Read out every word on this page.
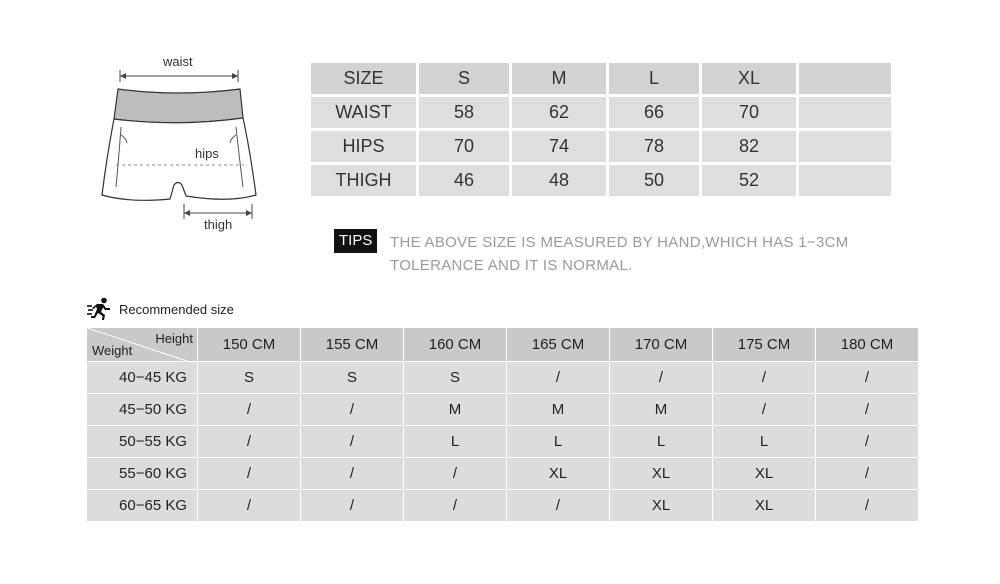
waist
hips
thigh
SIZE	S	M	L	XL	
WAIST	58	62	66	70	
HIPS	70	74	78	82	
THIGH	46	48	50	52	
TIPS	THE ABOVE SIZE IS MEASURED BY HAND,WHICH HAS 1−3CM TOLERANCE AND IT IS NORMAL.
Recommended size
Height
Weight	150 CM	155 CM	160 CM	165 CM	170 CM	175 CM	180 CM
40−45 KG	S	S	S	/	/	/	/
45−50 KG	/	/	M	M	M	/	/
50−55 KG	/	/	L	L	L	L	/
55−60 KG	/	/	/	XL	XL	XL	/
60−65 KG	/	/	/	/	XL	XL	/
